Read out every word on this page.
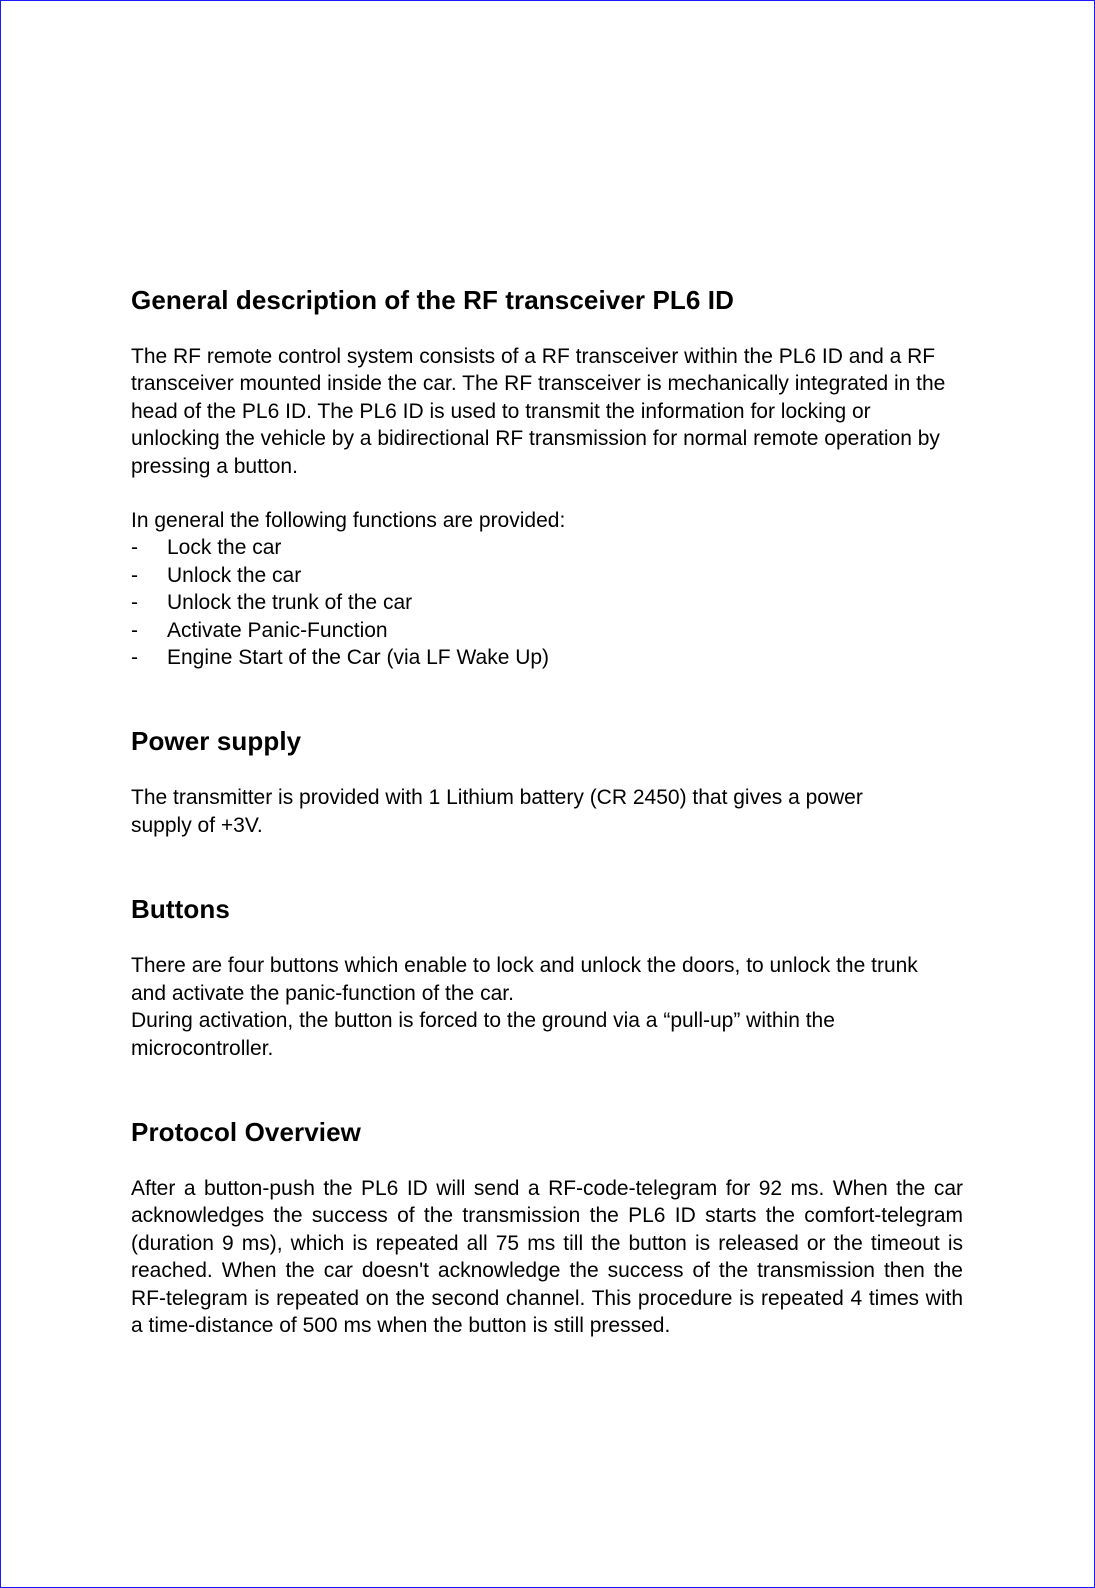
General description of the RF transceiver PL6 ID

The RF remote control system consists of a RF transceiver within the PL6 ID and a RF transceiver mounted inside the car. The RF transceiver is mechanically integrated in the head of the PL6 ID. The PL6 ID is used to transmit the information for locking or unlocking the vehicle by a bidirectional RF transmission for normal remote operation by pressing a button.

In general the following functions are provided:

- Lock the car
- Unlock the car
- Unlock the trunk of the car
- Activate Panic-Function
- Engine Start of the Car (via LF Wake Up)
Power supply

The transmitter is provided with 1 Lithium battery (CR 2450) that gives a power supply of +3V.

Buttons

There are four buttons which enable to lock and unlock the doors, to unlock the trunk and activate the panic-function of the car.

During activation, the button is forced to the ground via a “pull-up” within the microcontroller.

Protocol Overview

After a button-push the PL6 ID will send a RF-code-telegram for 92 ms. When the car acknowledges the success of the transmission the PL6 ID starts the comfort-telegram (duration 9 ms), which is repeated all 75 ms till the button is released or the timeout is reached. When the car doesn't acknowledge the success of the transmission then the RF-telegram is repeated on the second channel. This procedure is repeated 4 times with a time-distance of 500 ms when the button is still pressed.
